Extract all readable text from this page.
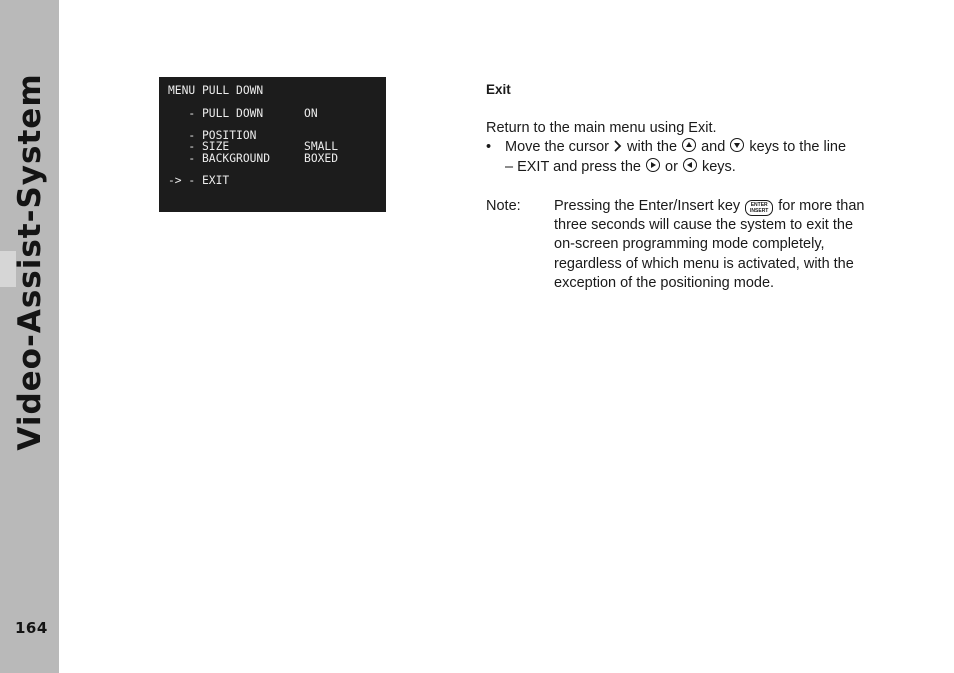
Video-Assist-System
164

MENU PULL DOWN

- PULL DOWN      ON

- POSITION

- SIZE           SMALL

- BACKGROUND     BOXED

-> - EXIT

Exit
Return to the main menu using Exit.
• Move the cursor with the and keys to the line
– EXIT and press the or keys.
Note: Pressing the Enter/Insert key	ENTER
INSERT for more than
three seconds will cause the system to exit the
on-screen programming mode completely,
regardless of which menu is activated, with the
exception of the positioning mode.
